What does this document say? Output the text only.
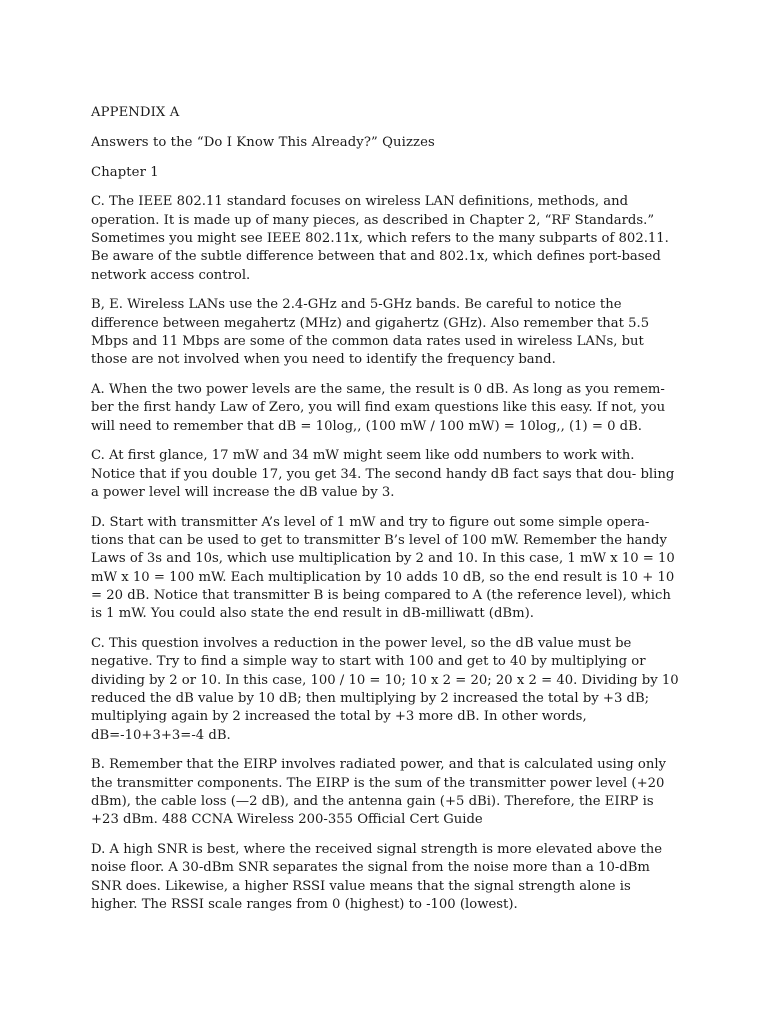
APPENDIX A

Answers to the “Do I Know This Already?” Quizzes

Chapter 1

C. The IEEE 802.11 standard focuses on wireless LAN definitions, methods, and operation. It is made up of many pieces, as described in Chapter 2, “RF Standards.” Sometimes you might see IEEE 802.11x, which refers to the many subparts of 802.11. Be aware of the subtle difference between that and 802.1x, which defines port-based network access control.

B, E. Wireless LANs use the 2.4-GHz and 5-GHz bands. Be careful to notice the difference between megahertz (MHz) and gigahertz (GHz). Also remember that 5.5 Mbps and 11 Mbps are some of the common data rates used in wireless LANs, but those are not involved when you need to identify the frequency band.

A. When the two power levels are the same, the result is 0 dB. As long as you remem- ber the first handy Law of Zero, you will find exam questions like this easy. If not, you will need to remember that dB = 10log,, (100 mW / 100 mW) = 10log,, (1) = 0 dB.

C. At first glance, 17 mW and 34 mW might seem like odd numbers to work with. Notice that if you double 17, you get 34. The second handy dB fact says that dou- bling a power level will increase the dB value by 3.

D. Start with transmitter A’s level of 1 mW and try to figure out some simple opera- tions that can be used to get to transmitter B’s level of 100 mW. Remember the handy Laws of 3s and 10s, which use multiplication by 2 and 10. In this case, 1 mW x 10 = 10 mW x 10 = 100 mW. Each multiplication by 10 adds 10 dB, so the end result is 10 + 10 = 20 dB. Notice that transmitter B is being compared to A (the reference level), which is 1 mW. You could also state the end result in dB-milliwatt (dBm).

C. This question involves a reduction in the power level, so the dB value must be negative. Try to find a simple way to start with 100 and get to 40 by multiplying or dividing by 2 or 10. In this case, 100 / 10 = 10; 10 x 2 = 20; 20 x 2 = 40. Dividing by 10 reduced the dB value by 10 dB; then multiplying by 2 increased the total by +3 dB; multiplying again by 2 increased the total by +3 more dB. In other words, dB=-10+3+3=-4 dB.

B. Remember that the EIRP involves radiated power, and that is calculated using only the transmitter components. The EIRP is the sum of the transmitter power level (+20 dBm), the cable loss (—2 dB), and the antenna gain (+5 dBi). Therefore, the EIRP is +23 dBm. 488 CCNA Wireless 200-355 Official Cert Guide

D. A high SNR is best, where the received signal strength is more elevated above the noise floor. A 30-dBm SNR separates the signal from the noise more than a 10-dBm SNR does. Likewise, a higher RSSI value means that the signal strength alone is higher. The RSSI scale ranges from 0 (highest) to -100 (lowest).
